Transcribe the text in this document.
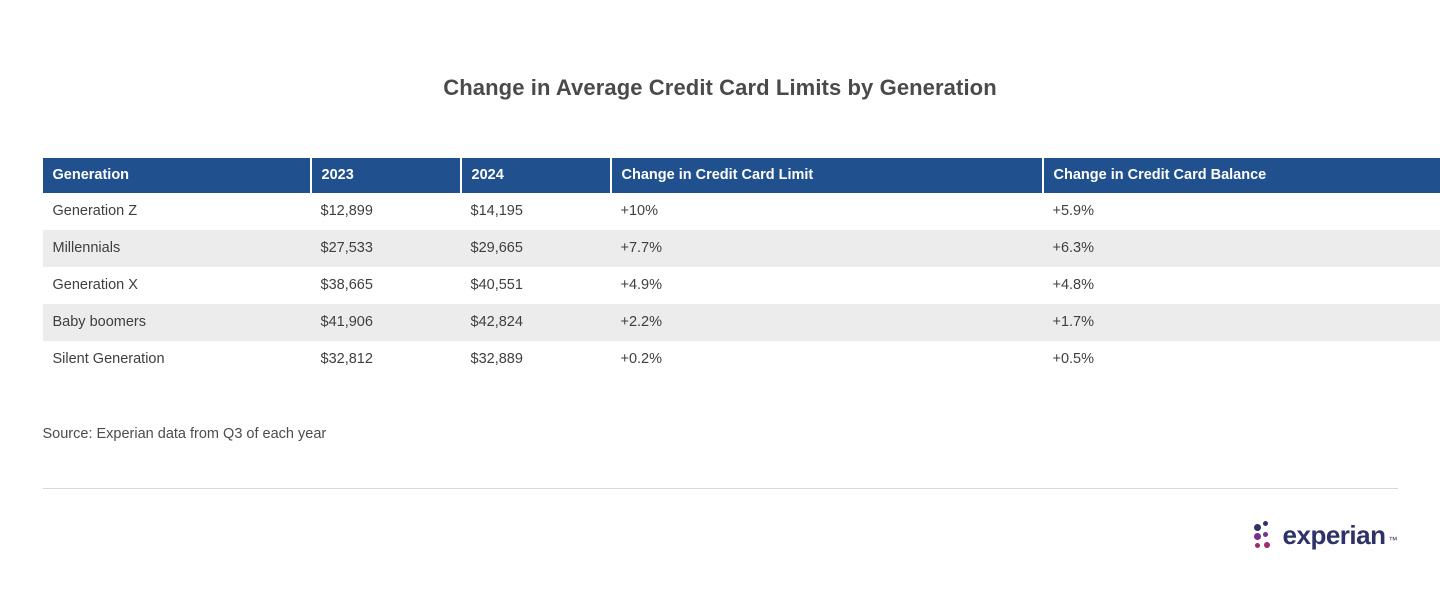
Change in Average Credit Card Limits by Generation
Generation	2023	2024	Change in Credit Card Limit	Change in Credit Card Balance
Generation Z	$12,899	$14,195	+10%	+5.9%
Millennials	$27,533	$29,665	+7.7%	+6.3%
Generation X	$38,665	$40,551	+4.9%	+4.8%
Baby boomers	$41,906	$42,824	+2.2%	+1.7%
Silent Generation	$32,812	$32,889	+0.2%	+0.5%
Source: Experian data from Q3 of each year
experian ™
